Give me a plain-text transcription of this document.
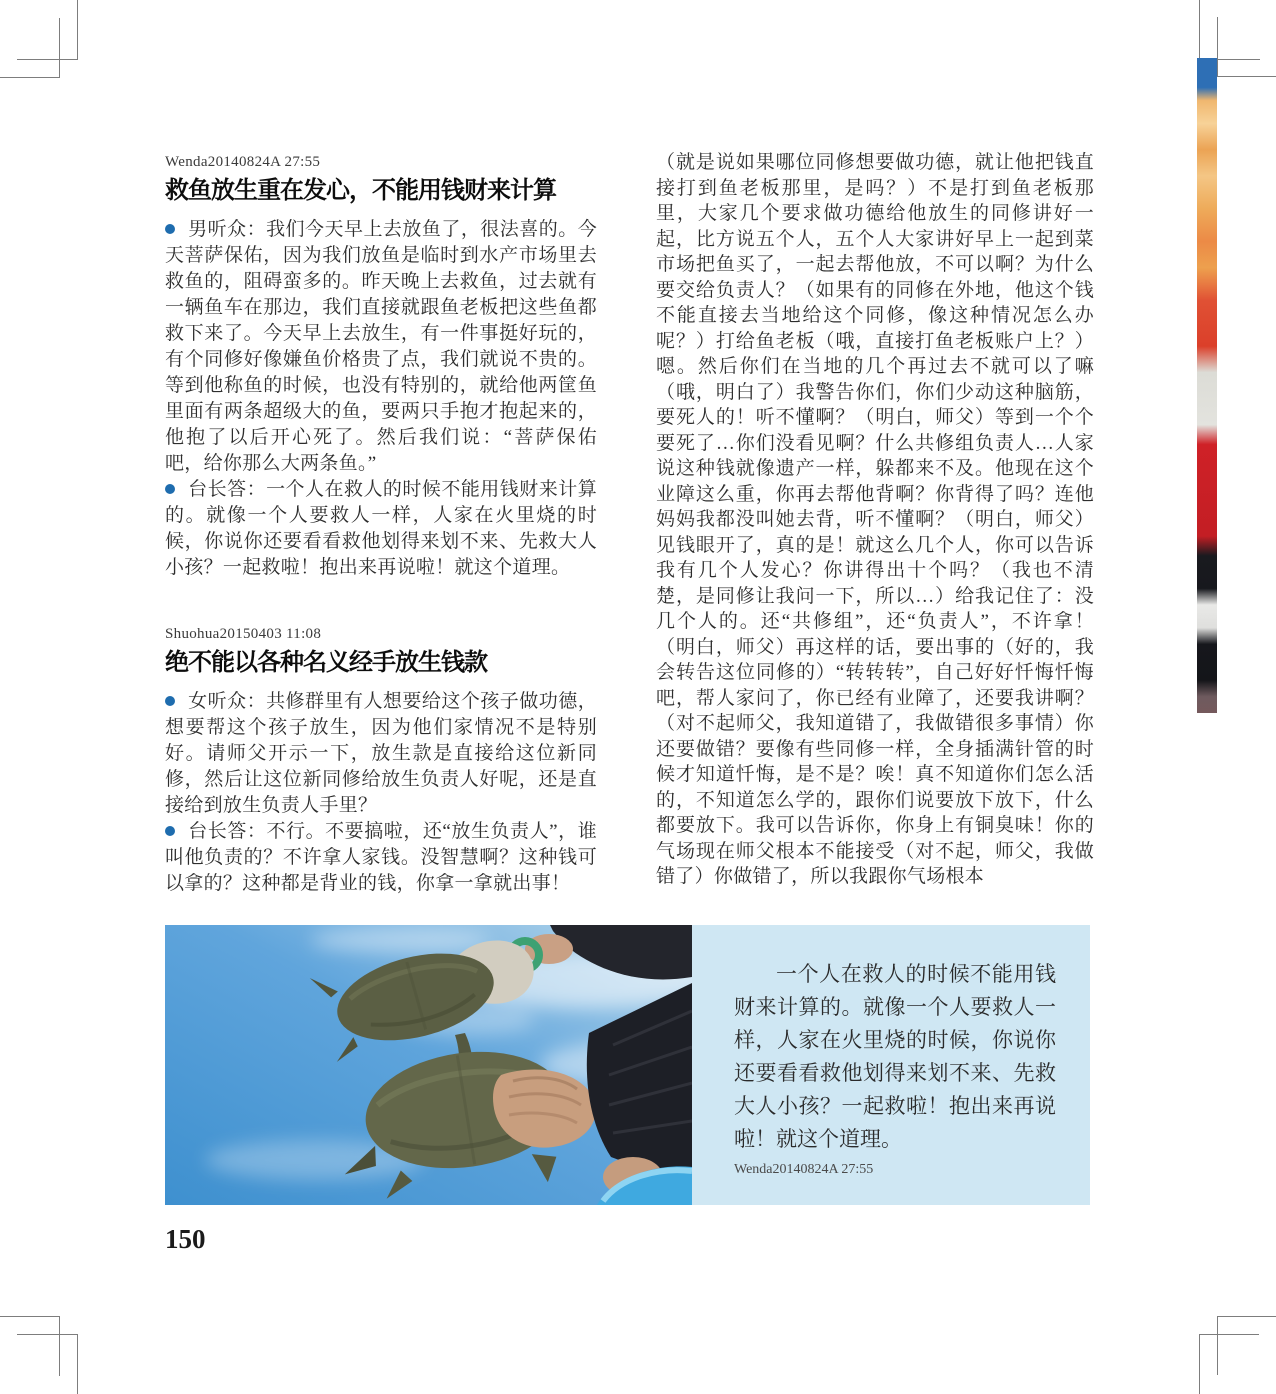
Wenda20140824A 27:55
救鱼放生重在发心，不能用钱财来计算

男听众：我们今天早上去放鱼了，很法喜的。今天菩萨保佑，因为我们放鱼是临时到水产市场里去救鱼的，阻碍蛮多的。昨天晚上去救鱼，过去就有一辆鱼车在那边，我们直接就跟鱼老板把这些鱼都救下来了。今天早上去放生，有一件事挺好玩的，有个同修好像嫌鱼价格贵了点，我们就说不贵的。等到他称鱼的时候，也没有特别的，就给他两筐鱼里面有两条超级大的鱼，要两只手抱才抱起来的，他抱了以后开心死了。然后我们说：“菩萨保佑吧，给你那么大两条鱼。”

台长答：一个人在救人的时候不能用钱财来计算的。就像一个人要救人一样，人家在火里烧的时候，你说你还要看看救他划得来划不来、先救大人小孩？一起救啦！抱出来再说啦！就这个道理。

Shuohua20150403 11:08
绝不能以各种名义经手放生钱款

女听众：共修群里有人想要给这个孩子做功德，想要帮这个孩子放生，因为他们家情况不是特别好。请师父开示一下，放生款是直接给这位新同修，然后让这位新同修给放生负责人好呢，还是直接给到放生负责人手里？

台长答：不行。不要搞啦，还“放生负责人”，谁叫他负责的？不许拿人家钱。没智慧啊？这种钱可以拿的？这种都是背业的钱，你拿一拿就出事！

（就是说如果哪位同修想要做功德，就让他把钱直接打到鱼老板那里，是吗？）不是打到鱼老板那里，大家几个要求做功德给他放生的同修讲好一起，比方说五个人，五个人大家讲好早上一起到菜市场把鱼买了，一起去帮他放，不可以啊？为什么要交给负责人？（如果有的同修在外地，他这个钱不能直接去当地给这个同修，像这种情况怎么办呢？）打给鱼老板（哦，直接打鱼老板账户上？）嗯。然后你们在当地的几个再过去不就可以了嘛（哦，明白了）我警告你们，你们少动这种脑筋，要死人的！听不懂啊？（明白，师父）等到一个个要死了…你们没看见啊？什么共修组负责人…人家说这种钱就像遗产一样，躲都来不及。他现在这个业障这么重，你再去帮他背啊？你背得了吗？连他妈妈我都没叫她去背，听不懂啊？（明白，师父）见钱眼开了，真的是！就这么几个人，你可以告诉我有几个人发心？你讲得出十个吗？（我也不清楚，是同修让我问一下，所以…）给我记住了：没几个人的。还“共修组”，还“负责人”，不许拿！（明白，师父）再这样的话，要出事的（好的，我会转告这位同修的）“转转转”，自己好好忏悔忏悔吧，帮人家问了，你已经有业障了，还要我讲啊？（对不起师父，我知道错了，我做错很多事情）你还要做错？要像有些同修一样，全身插满针管的时候才知道忏悔，是不是？唉！真不知道你们怎么活的，不知道怎么学的，跟你们说要放下放下，什么都要放下。我可以告诉你，你身上有铜臭味！你的气场现在师父根本不能接受（对不起，师父，我做错了）你做错了，所以我跟你气场根本

一个人在救人的时候不能用钱财来计算的。就像一个人要救人一样，人家在火里烧的时候，你说你还要看看救他划得来划不来、先救大人小孩？一起救啦！抱出来再说啦！就这个道理。

Wenda20140824A 27:55
150
